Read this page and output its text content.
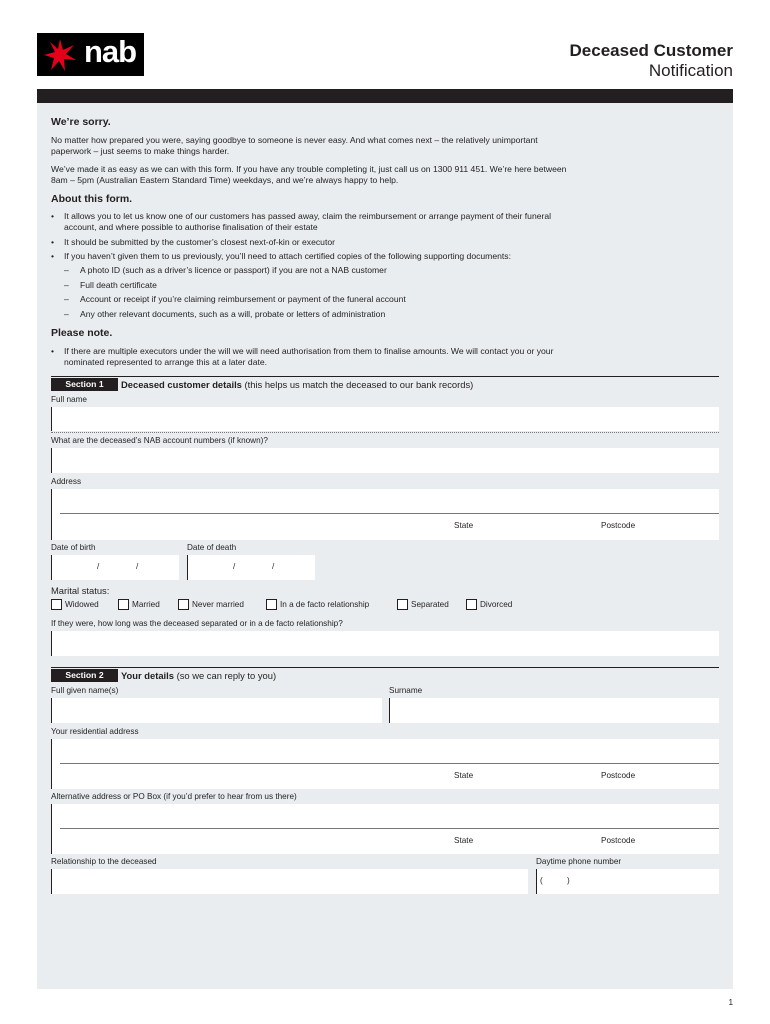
nab	Deceased Customer
Notification
We’re sorry.
No matter how prepared you were, saying goodbye to someone is never easy. And what comes next – the relatively unimportant
paperwork – just seems to make things harder.
We’ve made it as easy as we can with this form. If you have any trouble completing it, just call us on 1300 911 451. We’re here between
8am – 5pm (Australian Eastern Standard Time) weekdays, and we’re always happy to help.
About this form.
• It allows you to let us know one of our customers has passed away, claim the reimbursement or arrange payment of their funeral
account, and where possible to authorise finalisation of their estate
• It should be submitted by the customer’s closest next-of-kin or executor
• If you haven’t given them to us previously, you’ll need to attach certified copies of the following supporting documents:
– A photo ID (such as a driver’s licence or passport) if you are not a NAB customer
– Full death certificate
– Account or receipt if you’re claiming reimbursement or payment of the funeral account
– Any other relevant documents, such as a will, probate or letters of administration
Please note.
• If there are multiple executors under the will we will need authorisation from them to finalise amounts. We will contact you or your
nominated represented to arrange this at a later date.
Section 1	Deceased customer details (this helps us match the deceased to our bank records)
Full name
What are the deceased’s NAB account numbers (if known)?
Address
State	Postcode
Date of birth	Date of death
/	/	/	/
Marital status:
Widowed	Married	Never married	In a de facto relationship	Separated	Divorced
If they were, how long was the deceased separated or in a de facto relationship?
Section 2	Your details (so we can reply to you)
Full given name(s)	Surname
Your residential address
State	Postcode
Alternative address or PO Box (if you’d prefer to hear from us there)
State	Postcode
Relationship to the deceased	Daytime phone number
(	)
1
